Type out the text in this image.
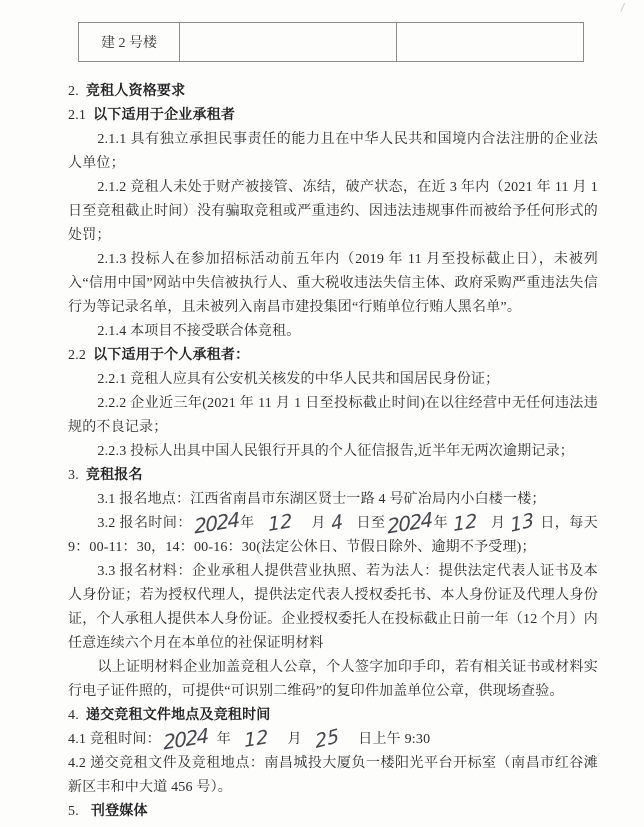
建 2 号楼		

2. 竞租人资格要求

2.1 以下适用于企业承租者

2.1.1 具有独立承担民事责任的能力且在中华人民共和国境内合法注册的企业法人单位；

2.1.2 竞租人未处于财产被接管、冻结，破产状态，在近 3 年内（2021 年 11 月 1 日至竞租截止时间）没有骗取竞租或严重违约、因违法违规事件而被给予任何形式的处罚；

2.1.3 投标人在参加招标活动前五年内（2019 年 11 月至投标截止日），未被列入“信用中国”网站中失信被执行人、重大税收违法失信主体、政府采购严重违法失信行为等记录名单，且未被列入南昌市建投集团“行贿单位行贿人黑名单”。

2.1.4 本项目不接受联合体竞租。

2.2 以下适用于个人承租者：

2.2.1 竞租人应具有公安机关核发的中华人民共和国居民身份证；

2.2.2 企业近三年(2021 年 11 月 1 日至投标截止时间)在以往经营中无任何违法违规的不良记录；

2.2.3 投标人出具中国人民银行开具的个人征信报告,近半年无两次逾期记录；

3. 竞租报名

3.1 报名地点：江西省南昌市东湖区贤士一路 4 号矿冶局内小白楼一楼；

3.2 报名时间：2024年 12 月 4 日至2024年 12 月 13 日，每天 9：00-11：30，14：00-16：30(法定公休日、节假日除外、逾期不予受理)；

3.3 报名材料：企业承租人提供营业执照、若为法人：提供法定代表人证书及本人身份证；若为授权代理人，提供法定代表人授权委托书、本人身份证及代理人身份证，个人承租人提供本人身份证。企业授权委托人在投标截止日前一年（12 个月）内任意连续六个月在本单位的社保证明材料

以上证明材料企业加盖竞租人公章，个人签字加印手印，若有相关证书或材料实行电子证件照的，可提供“可识别二维码”的复印件加盖单位公章，供现场查验。

4. 递交竞租文件地点及竞租时间

4.1 竞租时间：2024 年 12 月 25 日上午 9:30

4.2 递交竞租文件及竞租地点：南昌城投大厦负一楼阳光平台开标室（南昌市红谷滩新区丰和中大道 456 号）。

5. 刊登媒体
